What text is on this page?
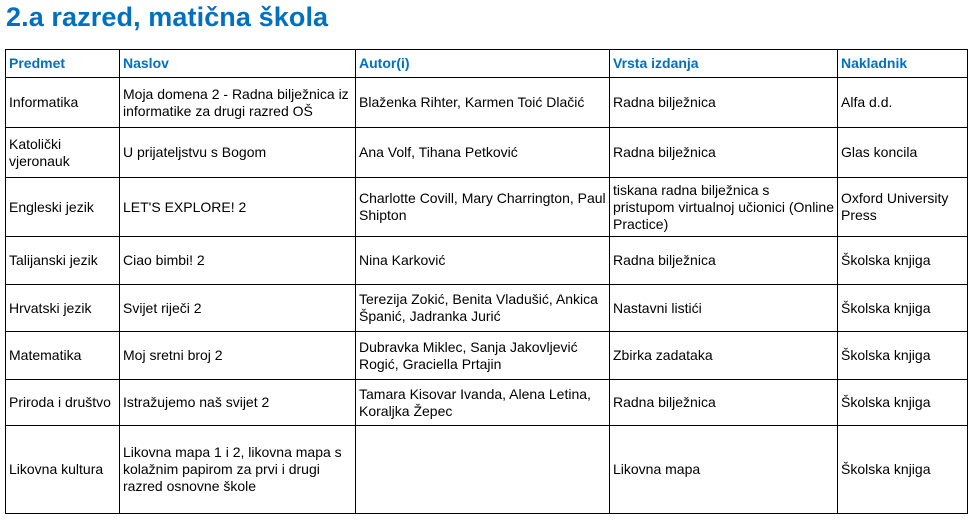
2.a razred, matična škola
Predmet	Naslov	Autor(i)	Vrsta izdanja	Nakladnik
Informatika	Moja domena 2 - Radna bilježnica iz informatike za drugi razred OŠ	Blaženka Rihter, Karmen Toić Dlačić	Radna bilježnica	Alfa d.d.
Katolički vjeronauk	U prijateljstvu s Bogom	Ana Volf, Tihana Petković	Radna bilježnica	Glas koncila
Engleski jezik	LET'S EXPLORE! 2	Charlotte Covill, Mary Charrington, Paul Shipton	tiskana radna bilježnica s pristupom virtualnoj učionici (Online Practice)	Oxford University Press
Talijanski jezik	Ciao bimbi! 2	Nina Karković	Radna bilježnica	Školska knjiga
Hrvatski jezik	Svijet riječi 2	Terezija Zokić, Benita Vladušić, Ankica Španić, Jadranka Jurić	Nastavni listići	Školska knjiga
Matematika	Moj sretni broj 2	Dubravka Miklec, Sanja Jakovljević Rogić, Graciella Prtajin	Zbirka zadataka	Školska knjiga
Priroda i društvo	Istražujemo naš svijet 2	Tamara Kisovar Ivanda, Alena Letina, Koraljka Žepec	Radna bilježnica	Školska knjiga
Likovna kultura	Likovna mapa 1 i 2, likovna mapa s kolažnim papirom za prvi i drugi razred osnovne škole		Likovna mapa	Školska knjiga
